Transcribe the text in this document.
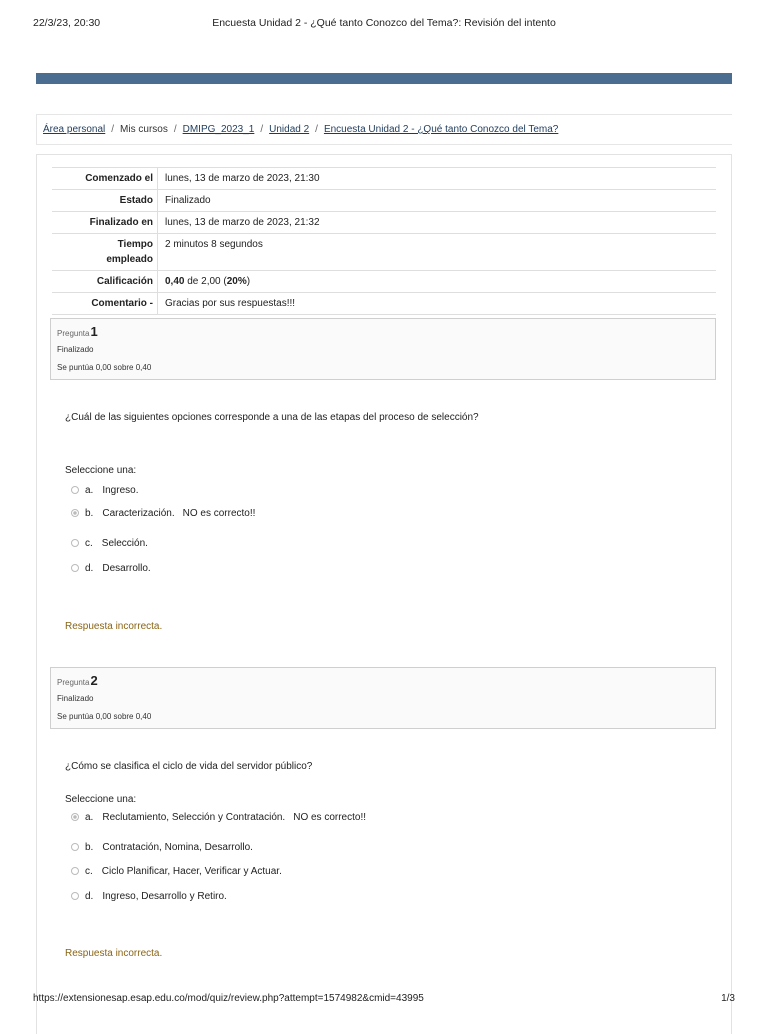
22/3/23, 20:30	Encuesta Unidad 2 - ¿Qué tanto Conozco del Tema?: Revisión del intento
Área personal / Mis cursos / DMIPG_2023_1 / Unidad 2 / Encuesta Unidad 2 - ¿Qué tanto Conozco del Tema?
Comenzado el	lunes, 13 de marzo de 2023, 21:30
Estado	Finalizado
Finalizado en	lunes, 13 de marzo de 2023, 21:32
Tiempo
empleado	2 minutos 8 segundos
Calificación	0,40 de 2,00 (20%)
Comentario -	Gracias por sus respuestas!!!
Pregunta1
Finalizado
Se puntúa 0,00 sobre 0,40
¿Cuál de las siguientes opciones corresponde a una de las etapas del proceso de selección?
Seleccione una:
a. Ingreso.
b. Caracterización. NO es correcto!!
c. Selección.
d. Desarrollo.
Respuesta incorrecta.
Pregunta2
Finalizado
Se puntúa 0,00 sobre 0,40
¿Cómo se clasifica el ciclo de vida del servidor público?
Seleccione una:
a. Reclutamiento, Selección y Contratación. NO es correcto!!
b. Contratación, Nomina, Desarrollo.
c. Ciclo Planificar, Hacer, Verificar y Actuar.
d. Ingreso, Desarrollo y Retiro.
Respuesta incorrecta.
https://extensionesap.esap.edu.co/mod/quiz/review.php?attempt=1574982&cmid=43995	1/3
